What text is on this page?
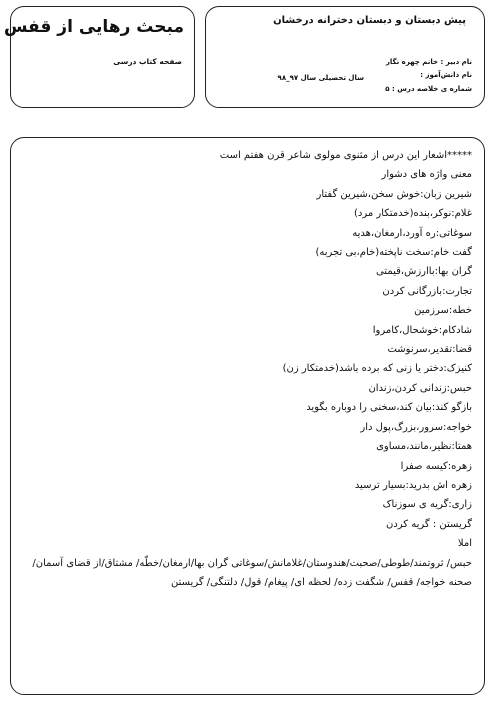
مبحث رهایی از قفس
صفحه کتاب درسی
پیش دبستان و دبستان دخترانه درخشان
نام دبیر : خانم چهره نگار
نام دانش‌آموز :
سال تحصیلی سال ۹۷_۹۸
شماره ی خلاصه درس : ۵
*****اشعار این درس از مثنوی مولوی شاعر قرن هفتم است
معنی واژه های دشوار
شیرین زبان:خوش سخن،شیرین گفتار
غلام:نوکر،بنده(خدمتکار مرد)
سوغاتی:ره آورد،ارمغان،هدیه
گفت خام:سخت ناپخته(خام،بی تجربه)
گران بها:باارزش،قیمتی
تجارت:بازرگانی کردن
خطه:سرزمین
شادکام:خوشحال،کامروا
قضا:تقدیر،سرنوشت
کنیزک:دختر یا زنی که برده باشد(خدمتکار زن)
حبس:زندانی کردن،زندان
بازگو کند:بیان کند،سخنی را دوباره بگوید
خواجه:سرور،بزرگ،پول دار
همتا:نظیر،مانند،مساوی
زهره:کیسه صفرا
زهره اش بدرید:بسیار ترسید
زاری:گریه ی سوزناک
گریستن : گریه کردن
املا
حبس/ ثروتمند/طوطی/صحبت/هندوستان/غلامانش/سوغاتی گران بها/ارمغان/خطّه/ مشتاق/از قضای آسمان/ صحنه خواجه/ قفس/ شگفت زده/ لحظه ای/ پیغام/ قول/ دلتنگی/ گریستن
